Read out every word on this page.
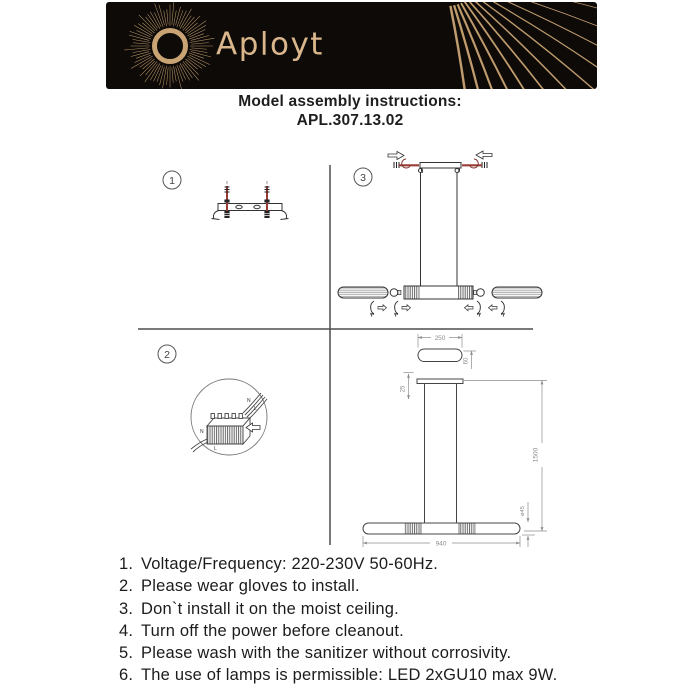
Aployt
Model assembly instructions:
APL.307.13.02
1	3
2
N
L
N
L
250
60
25
940
1500
ø45
1. Voltage/Frequency: 220-230V 50-60Hz.
2. Please wear gloves to install.
3. Don`t install it on the moist ceiling.
4. Turn off the power before cleanout.
5. Please wash with the sanitizer without corrosivity.
6. The use of lamps is permissible: LED 2xGU10 max 9W.
